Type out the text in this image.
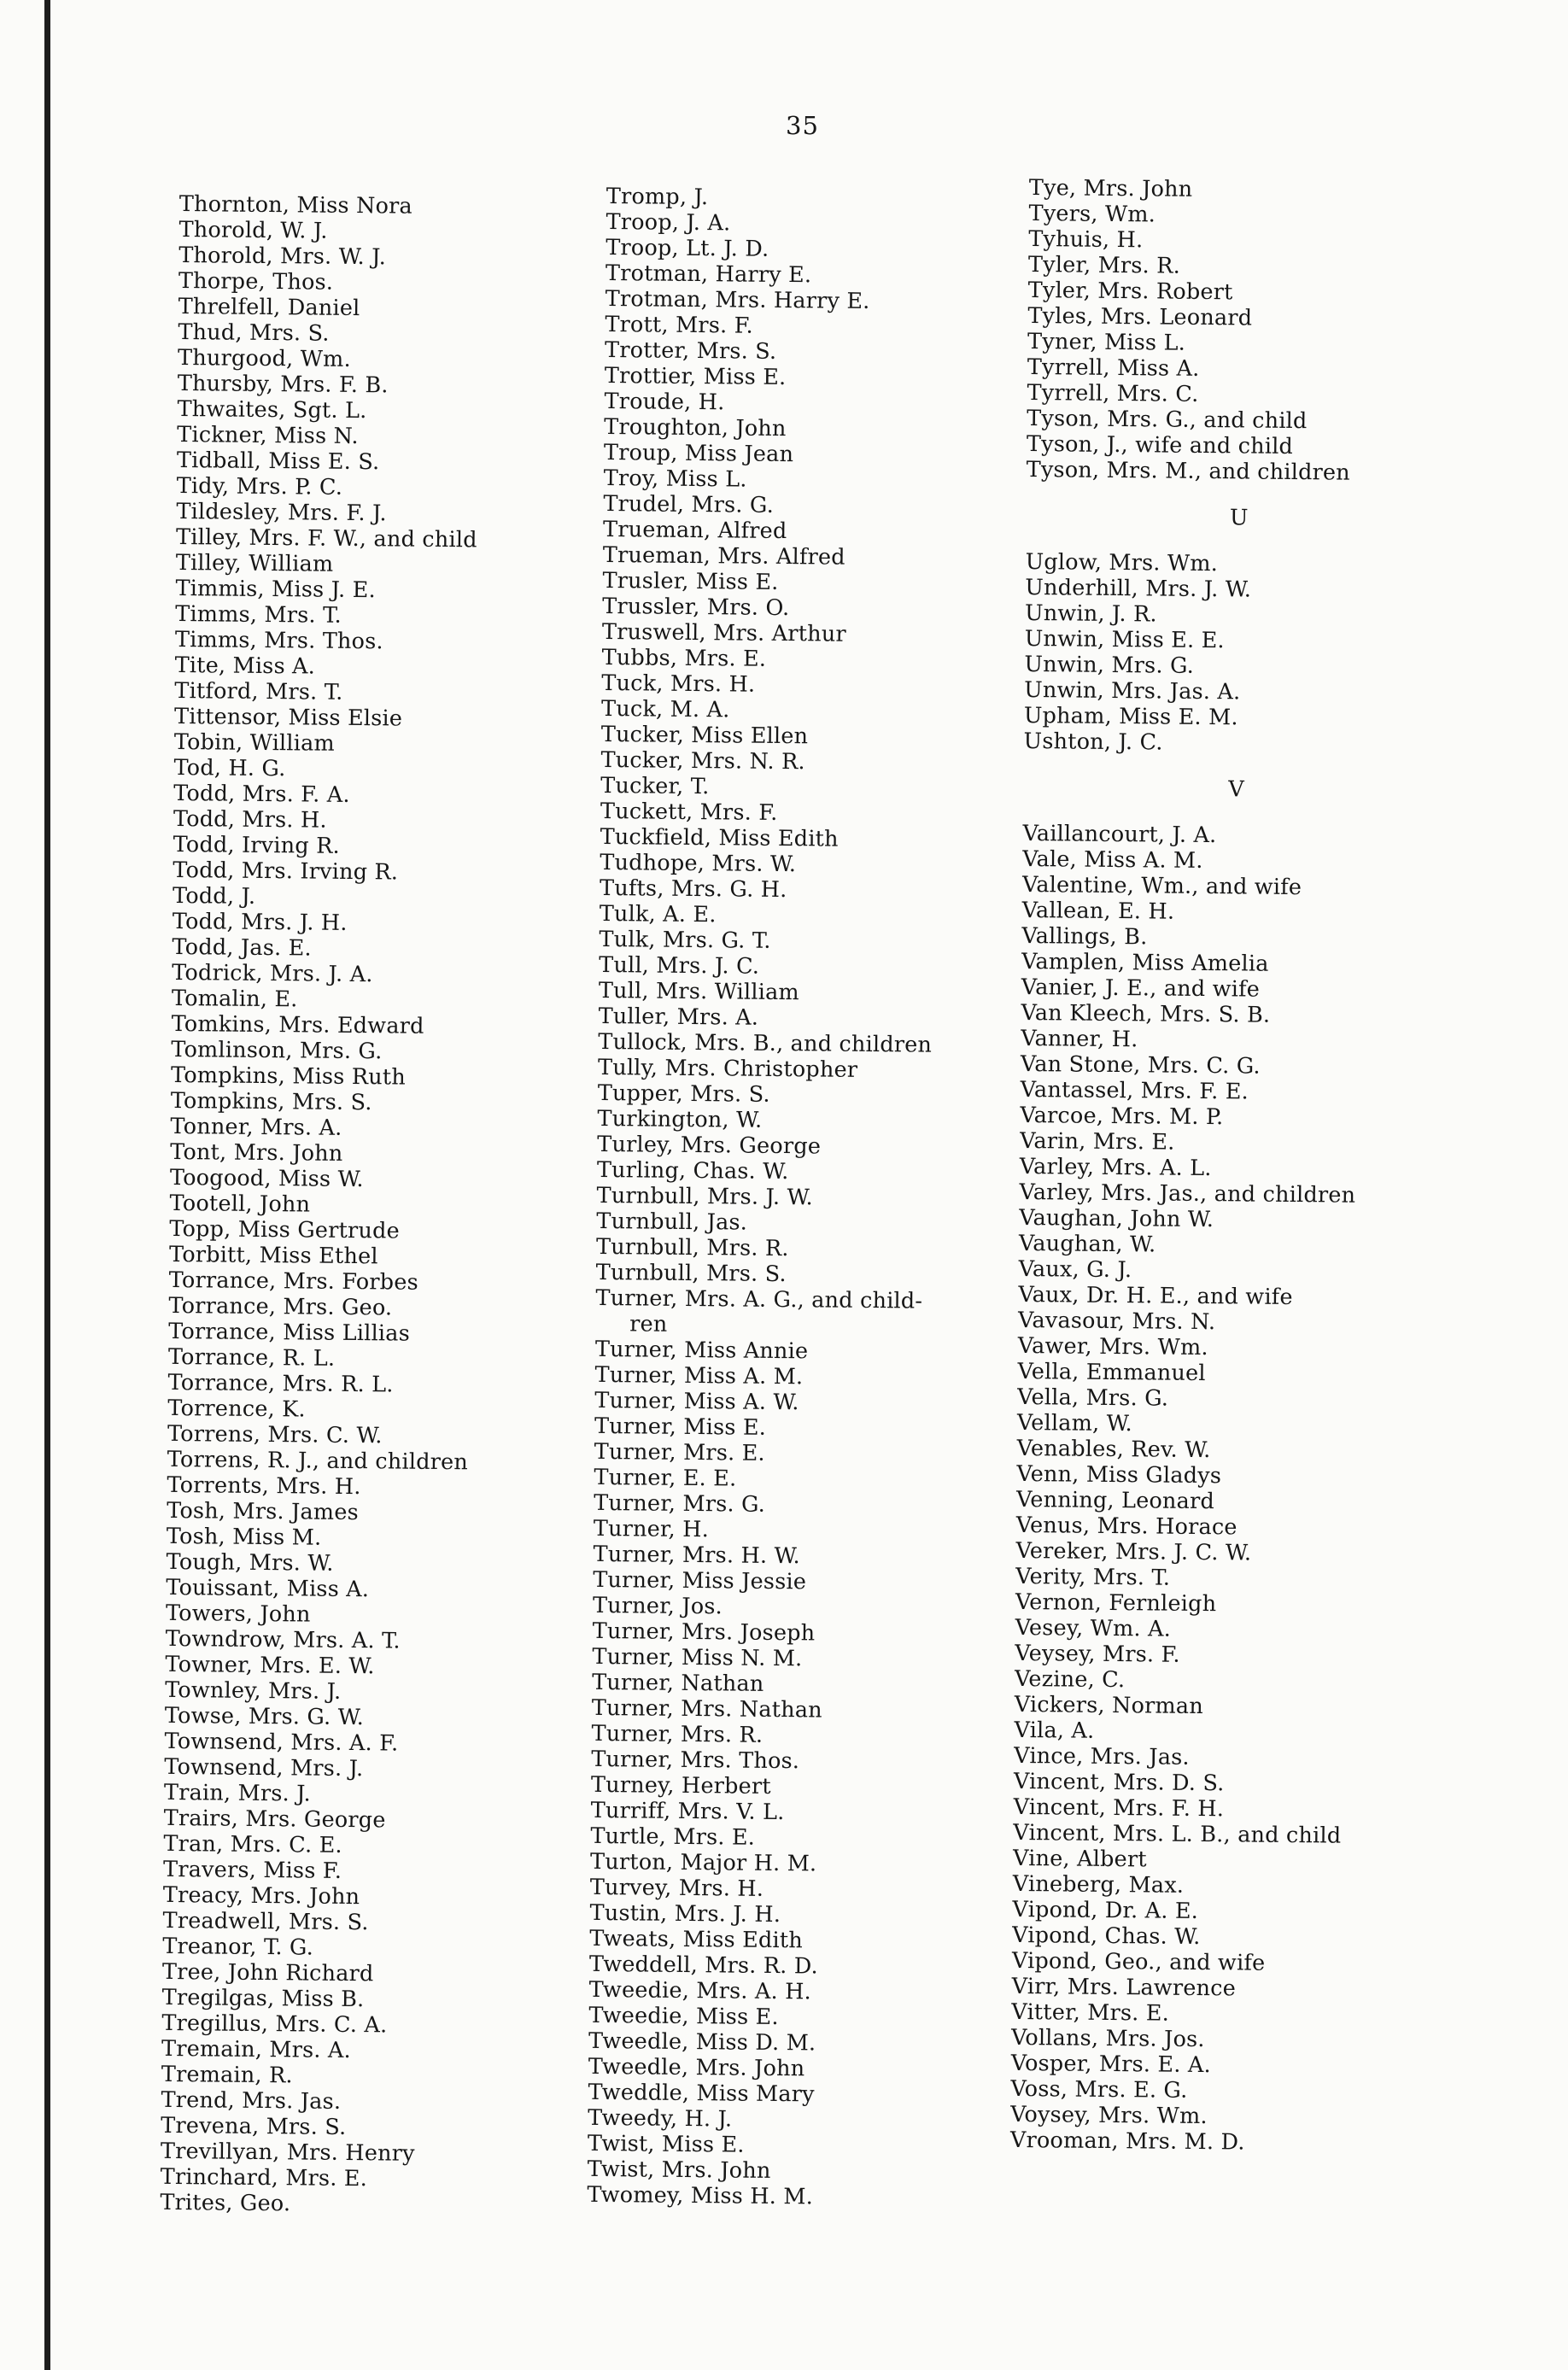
35
Thornton, Miss Nora
Thorold, W. J.
Thorold, Mrs. W. J.
Thorpe, Thos.
Threlfell, Daniel
Thud, Mrs. S.
Thurgood, Wm.
Thursby, Mrs. F. B.
Thwaites, Sgt. L.
Tickner, Miss N.
Tidball, Miss E. S.
Tidy, Mrs. P. C.
Tildesley, Mrs. F. J.
Tilley, Mrs. F. W., and child
Tilley, William
Timmis, Miss J. E.
Timms, Mrs. T.
Timms, Mrs. Thos.
Tite, Miss A.
Titford, Mrs. T.
Tittensor, Miss Elsie
Tobin, William
Tod, H. G.
Todd, Mrs. F. A.
Todd, Mrs. H.
Todd, Irving R.
Todd, Mrs. Irving R.
Todd, J.
Todd, Mrs. J. H.
Todd, Jas. E.
Todrick, Mrs. J. A.
Tomalin, E.
Tomkins, Mrs. Edward
Tomlinson, Mrs. G.
Tompkins, Miss Ruth
Tompkins, Mrs. S.
Tonner, Mrs. A.
Tont, Mrs. John
Toogood, Miss W.
Tootell, John
Topp, Miss Gertrude
Torbitt, Miss Ethel
Torrance, Mrs. Forbes
Torrance, Mrs. Geo.
Torrance, Miss Lillias
Torrance, R. L.
Torrance, Mrs. R. L.
Torrence, K.
Torrens, Mrs. C. W.
Torrens, R. J., and children
Torrents, Mrs. H.
Tosh, Mrs. James
Tosh, Miss M.
Tough, Mrs. W.
Touissant, Miss A.
Towers, John
Towndrow, Mrs. A. T.
Towner, Mrs. E. W.
Townley, Mrs. J.
Towse, Mrs. G. W.
Townsend, Mrs. A. F.
Townsend, Mrs. J.
Train, Mrs. J.
Trairs, Mrs. George
Tran, Mrs. C. E.
Travers, Miss F.
Treacy, Mrs. John
Treadwell, Mrs. S.
Treanor, T. G.
Tree, John Richard
Tregilgas, Miss B.
Tregillus, Mrs. C. A.
Tremain, Mrs. A.
Tremain, R.
Trend, Mrs. Jas.
Trevena, Mrs. S.
Trevillyan, Mrs. Henry
Trinchard, Mrs. E.
Trites, Geo.
Tromp, J.
Troop, J. A.
Troop, Lt. J. D.
Trotman, Harry E.
Trotman, Mrs. Harry E.
Trott, Mrs. F.
Trotter, Mrs. S.
Trottier, Miss E.
Troude, H.
Troughton, John
Troup, Miss Jean
Troy, Miss L.
Trudel, Mrs. G.
Trueman, Alfred
Trueman, Mrs. Alfred
Trusler, Miss E.
Trussler, Mrs. O.
Truswell, Mrs. Arthur
Tubbs, Mrs. E.
Tuck, Mrs. H.
Tuck, M. A.
Tucker, Miss Ellen
Tucker, Mrs. N. R.
Tucker, T.
Tuckett, Mrs. F.
Tuckfield, Miss Edith
Tudhope, Mrs. W.
Tufts, Mrs. G. H.
Tulk, A. E.
Tulk, Mrs. G. T.
Tull, Mrs. J. C.
Tull, Mrs. William
Tuller, Mrs. A.
Tullock, Mrs. B., and children
Tully, Mrs. Christopher
Tupper, Mrs. S.
Turkington, W.
Turley, Mrs. George
Turling, Chas. W.
Turnbull, Mrs. J. W.
Turnbull, Jas.
Turnbull, Mrs. R.
Turnbull, Mrs. S.
Turner, Mrs. A. G., and child-
ren
Turner, Miss Annie
Turner, Miss A. M.
Turner, Miss A. W.
Turner, Miss E.
Turner, Mrs. E.
Turner, E. E.
Turner, Mrs. G.
Turner, H.
Turner, Mrs. H. W.
Turner, Miss Jessie
Turner, Jos.
Turner, Mrs. Joseph
Turner, Miss N. M.
Turner, Nathan
Turner, Mrs. Nathan
Turner, Mrs. R.
Turner, Mrs. Thos.
Turney, Herbert
Turriff, Mrs. V. L.
Turtle, Mrs. E.
Turton, Major H. M.
Turvey, Mrs. H.
Tustin, Mrs. J. H.
Tweats, Miss Edith
Tweddell, Mrs. R. D.
Tweedie, Mrs. A. H.
Tweedie, Miss E.
Tweedle, Miss D. M.
Tweedle, Mrs. John
Tweddle, Miss Mary
Tweedy, H. J.
Twist, Miss E.
Twist, Mrs. John
Twomey, Miss H. M.
Tye, Mrs. John
Tyers, Wm.
Tyhuis, H.
Tyler, Mrs. R.
Tyler, Mrs. Robert
Tyles, Mrs. Leonard
Tyner, Miss L.
Tyrrell, Miss A.
Tyrrell, Mrs. C.
Tyson, Mrs. G., and child
Tyson, J., wife and child
Tyson, Mrs. M., and children
U
Uglow, Mrs. Wm.
Underhill, Mrs. J. W.
Unwin, J. R.
Unwin, Miss E. E.
Unwin, Mrs. G.
Unwin, Mrs. Jas. A.
Upham, Miss E. M.
Ushton, J. C.
V
Vaillancourt, J. A.
Vale, Miss A. M.
Valentine, Wm., and wife
Vallean, E. H.
Vallings, B.
Vamplen, Miss Amelia
Vanier, J. E., and wife
Van Kleech, Mrs. S. B.
Vanner, H.
Van Stone, Mrs. C. G.
Vantassel, Mrs. F. E.
Varcoe, Mrs. M. P.
Varin, Mrs. E.
Varley, Mrs. A. L.
Varley, Mrs. Jas., and children
Vaughan, John W.
Vaughan, W.
Vaux, G. J.
Vaux, Dr. H. E., and wife
Vavasour, Mrs. N.
Vawer, Mrs. Wm.
Vella, Emmanuel
Vella, Mrs. G.
Vellam, W.
Venables, Rev. W.
Venn, Miss Gladys
Venning, Leonard
Venus, Mrs. Horace
Vereker, Mrs. J. C. W.
Verity, Mrs. T.
Vernon, Fernleigh
Vesey, Wm. A.
Veysey, Mrs. F.
Vezine, C.
Vickers, Norman
Vila, A.
Vince, Mrs. Jas.
Vincent, Mrs. D. S.
Vincent, Mrs. F. H.
Vincent, Mrs. L. B., and child
Vine, Albert
Vineberg, Max.
Vipond, Dr. A. E.
Vipond, Chas. W.
Vipond, Geo., and wife
Virr, Mrs. Lawrence
Vitter, Mrs. E.
Vollans, Mrs. Jos.
Vosper, Mrs. E. A.
Voss, Mrs. E. G.
Voysey, Mrs. Wm.
Vrooman, Mrs. M. D.
